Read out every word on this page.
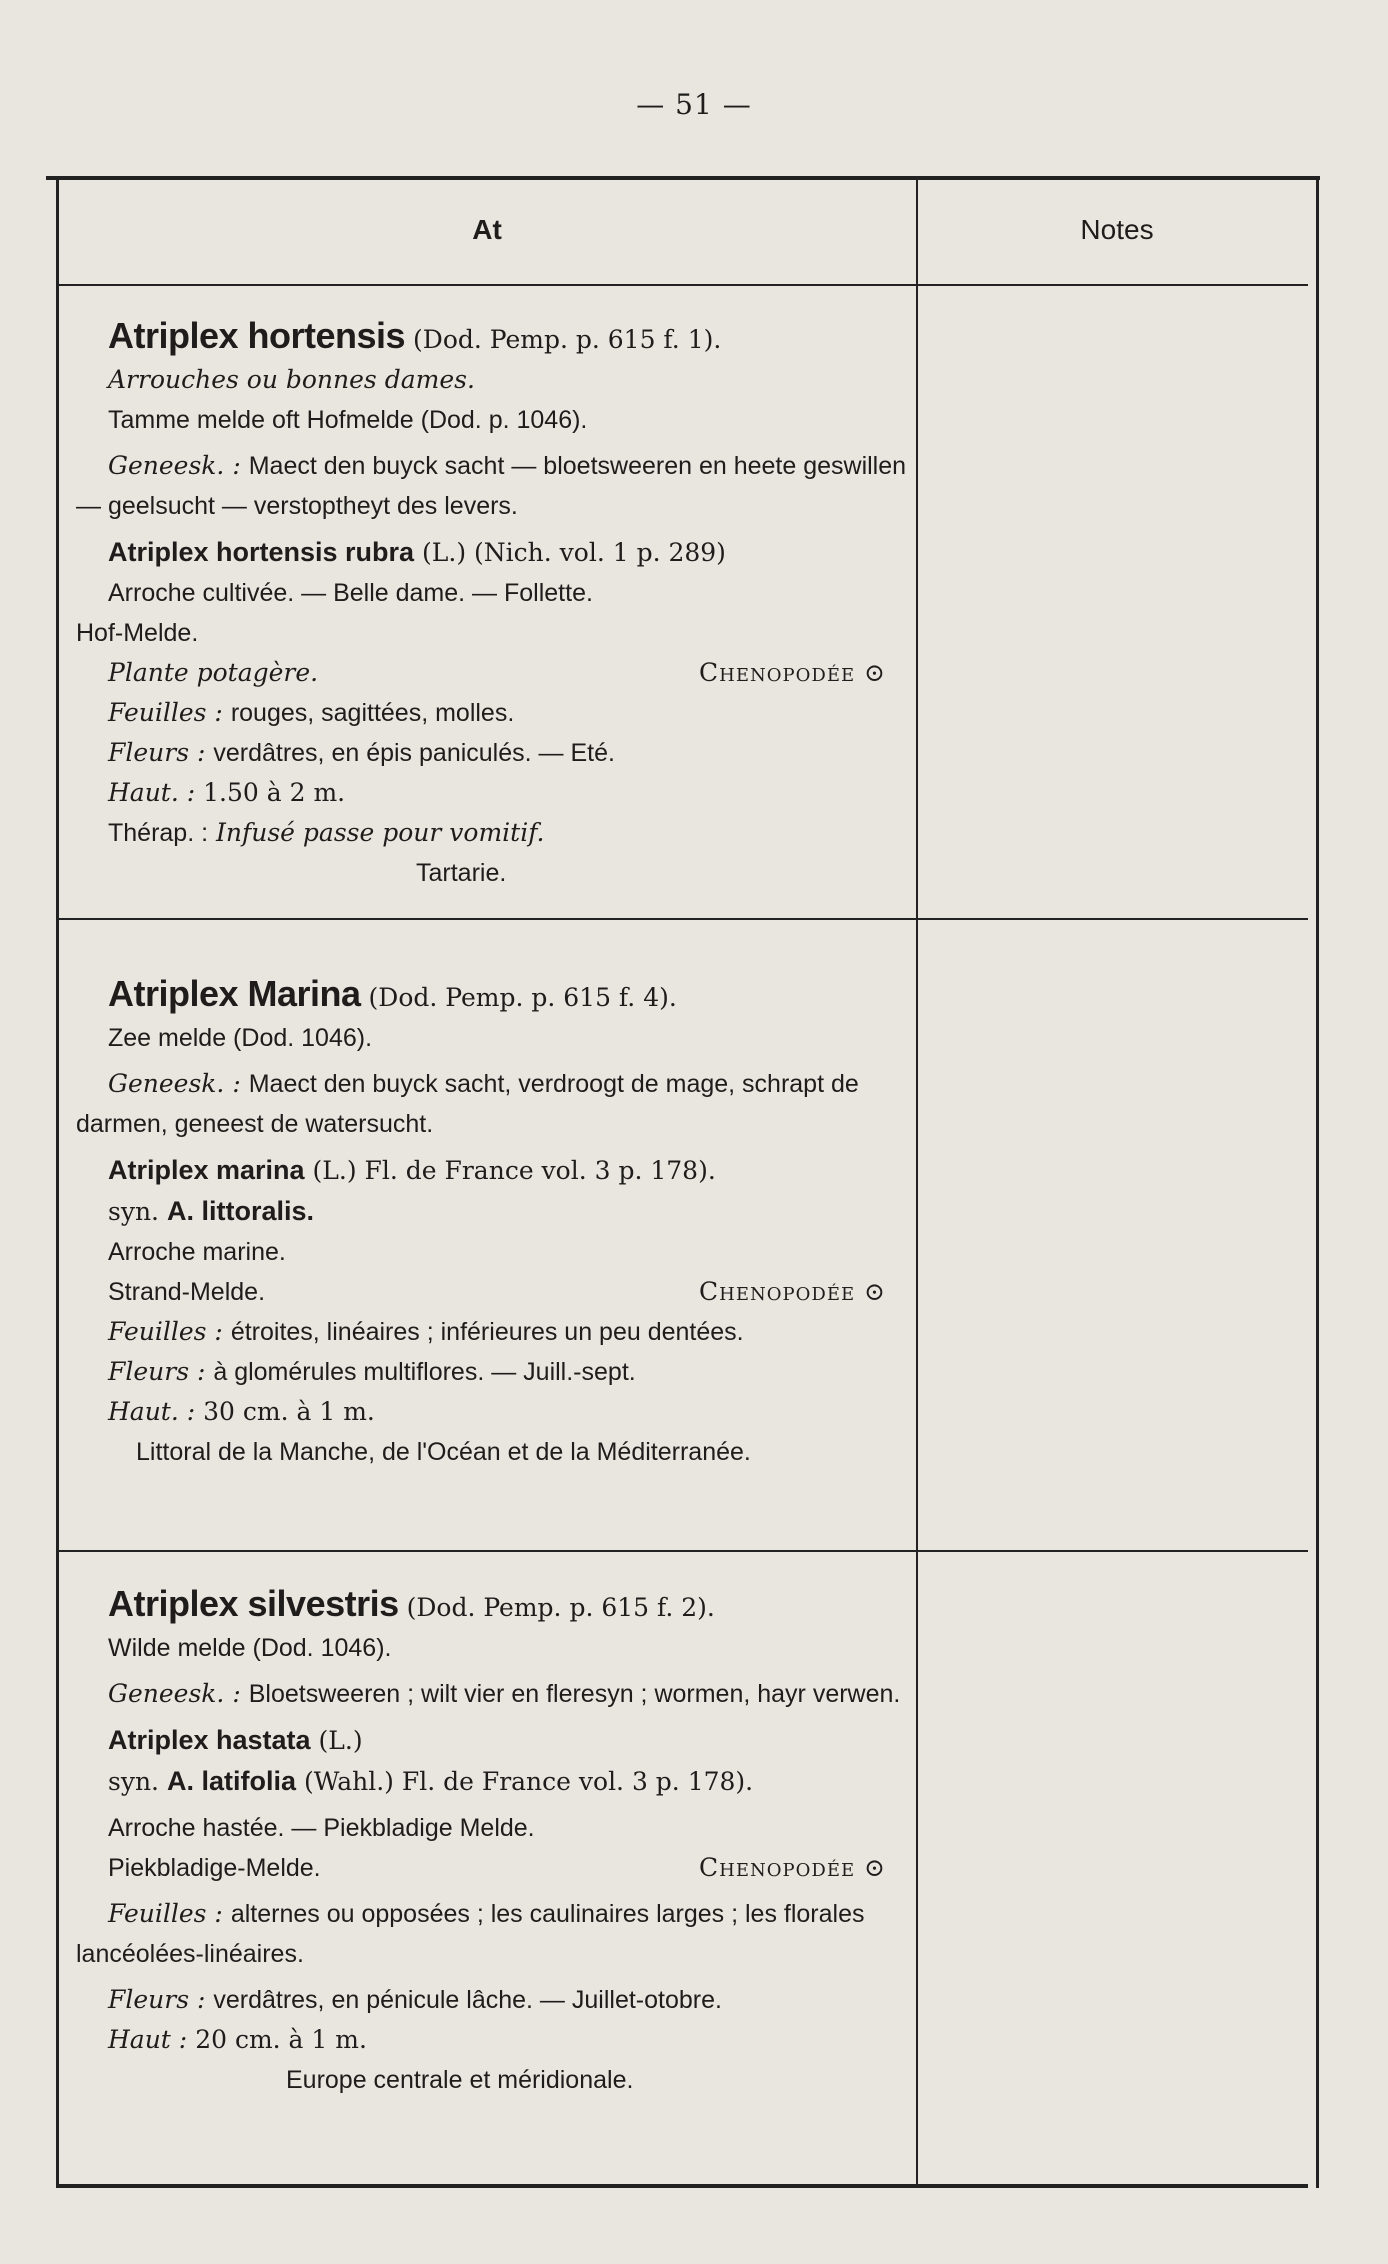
— 51 —
At	Notes

Atriplex hortensis (Dod. Pemp. p. 615 f. 1).

Arrouches ou bonnes dames.

Tamme melde oft Hofmelde (Dod. p. 1046).

Geneesk. : Maect den buyck sacht — bloetsweeren en heete geswillen — geelsucht — verstoptheyt des levers.

Atriplex hortensis rubra (L.) (Nich. vol. 1 p. 289)

Arroche cultivée. — Belle dame. — Follette.

Hof-Melde.

Plante potagère.	Chenopodée ⊙

Feuilles : rouges, sagittées, molles.

Fleurs : verdâtres, en épis paniculés. — Eté.

Haut. : 1.50 à 2 m.

Thérap. : Infusé passe pour vomitif.

Tartarie.

Atriplex Marina (Dod. Pemp. p. 615 f. 4).

Zee melde (Dod. 1046).

Geneesk. : Maect den buyck sacht, verdroogt de mage, schrapt de darmen, geneest de watersucht.

Atriplex marina (L.) Fl. de France vol. 3 p. 178).

syn. A. littoralis.

Arroche marine.

Strand-Melde.	Chenopodée ⊙

Feuilles : étroites, linéaires ; inférieures un peu dentées.

Fleurs : à glomérules multiflores. — Juill.-sept.

Haut. : 30 cm. à 1 m.

Littoral de la Manche, de l'Océan et de la Méditerranée.

Atriplex silvestris (Dod. Pemp. p. 615 f. 2).

Wilde melde (Dod. 1046).

Geneesk. : Bloetsweeren ; wilt vier en fleresyn ; wormen, hayr verwen.

Atriplex hastata (L.)

syn. A. latifolia (Wahl.) Fl. de France vol. 3 p. 178).

Arroche hastée. — Piekbladige Melde.

Piekbladige-Melde.	Chenopodée ⊙

Feuilles : alternes ou opposées ; les caulinaires larges ; les florales lancéolées-linéaires.

Fleurs : verdâtres, en pénicule lâche. — Juillet-otobre.

Haut : 20 cm. à 1 m.

Europe centrale et méridionale.
